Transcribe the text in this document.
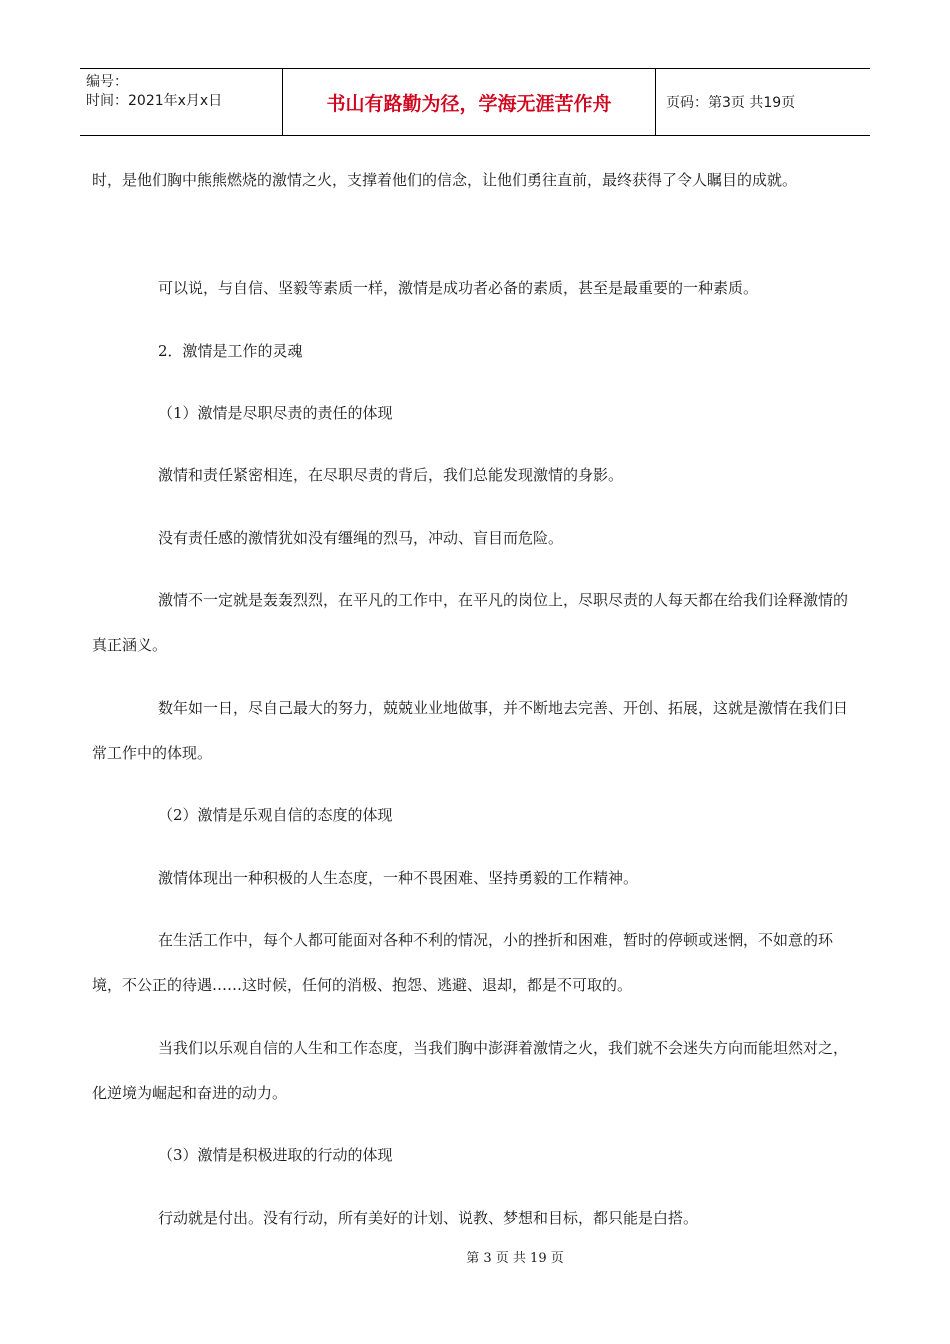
编号：
时间：2021年x月x日	书山有路勤为径，学海无涯苦作舟	页码：第3页 共19页

时，是他们胸中熊熊燃烧的激情之火，支撑着他们的信念，让他们勇往直前，最终获得了令人瞩目的成就。

可以说，与自信、坚毅等素质一样，激情是成功者必备的素质，甚至是最重要的一种素质。

2．激情是工作的灵魂

（1）激情是尽职尽责的责任的体现

激情和责任紧密相连，在尽职尽责的背后，我们总能发现激情的身影。

没有责任感的激情犹如没有缰绳的烈马，冲动、盲目而危险。

激情不一定就是轰轰烈烈，在平凡的工作中，在平凡的岗位上，尽职尽责的人每天都在给我们诠释激情的真正涵义。

数年如一日，尽自己最大的努力，兢兢业业地做事，并不断地去完善、开创、拓展，这就是激情在我们日常工作中的体现。

（2）激情是乐观自信的态度的体现

激情体现出一种积极的人生态度，一种不畏困难、坚持勇毅的工作精神。

在生活工作中，每个人都可能面对各种不利的情况，小的挫折和困难，暂时的停顿或迷惘，不如意的环境，不公正的待遇……这时候，任何的消极、抱怨、逃避、退却，都是不可取的。

当我们以乐观自信的人生和工作态度，当我们胸中澎湃着激情之火，我们就不会迷失方向而能坦然对之，化逆境为崛起和奋进的动力。

（3）激情是积极进取的行动的体现

行动就是付出。没有行动，所有美好的计划、说教、梦想和目标，都只能是白搭。

第 3 页 共 19 页
